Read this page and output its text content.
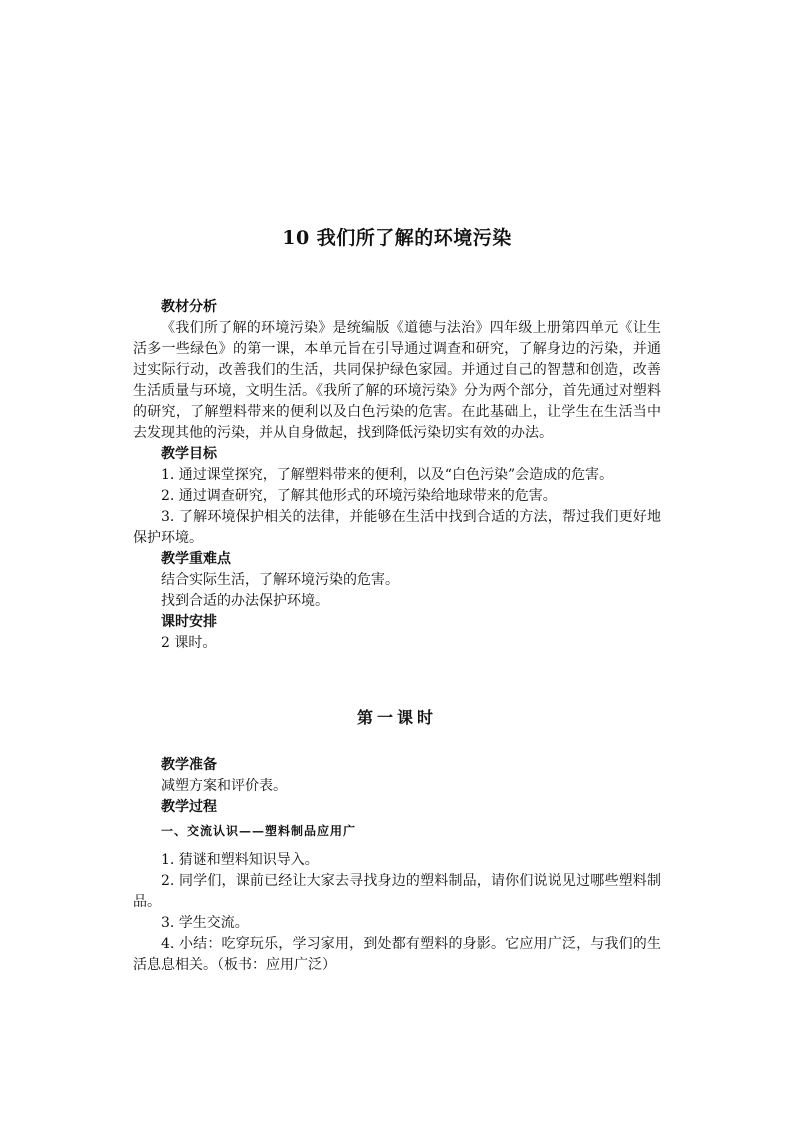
10 我们所了解的环境污染
教材分析
《我们所了解的环境污染》是统编版《道德与法治》四年级上册第四单元《让生活多一些绿色》的第一课，本单元旨在引导通过调查和研究，了解身边的污染，并通过实际行动，改善我们的生活，共同保护绿色家园。并通过自己的智慧和创造，改善生活质量与环境，文明生活。《我所了解的环境污染》分为两个部分，首先通过对塑料的研究，了解塑料带来的便利以及白色污染的危害。在此基础上，让学生在生活当中去发现其他的污染，并从自身做起，找到降低污染切实有效的办法。
教学目标
1. 通过课堂探究，了解塑料带来的便利，以及“白色污染”会造成的危害。
2. 通过调查研究，了解其他形式的环境污染给地球带来的危害。
3. 了解环境保护相关的法律，并能够在生活中找到合适的方法，帮过我们更好地保护环境。
教学重难点
结合实际生活，了解环境污染的危害。
找到合适的办法保护环境。
课时安排
2 课时。
第一课时
教学准备
减塑方案和评价表。
教学过程
一、交流认识——塑料制品应用广
1. 猜谜和塑料知识导入。
2. 同学们，课前已经让大家去寻找身边的塑料制品，请你们说说见过哪些塑料制品。
3. 学生交流。
4. 小结：吃穿玩乐，学习家用，到处都有塑料的身影。它应用广泛，与我们的生活息息相关。（板书：应用广泛）
